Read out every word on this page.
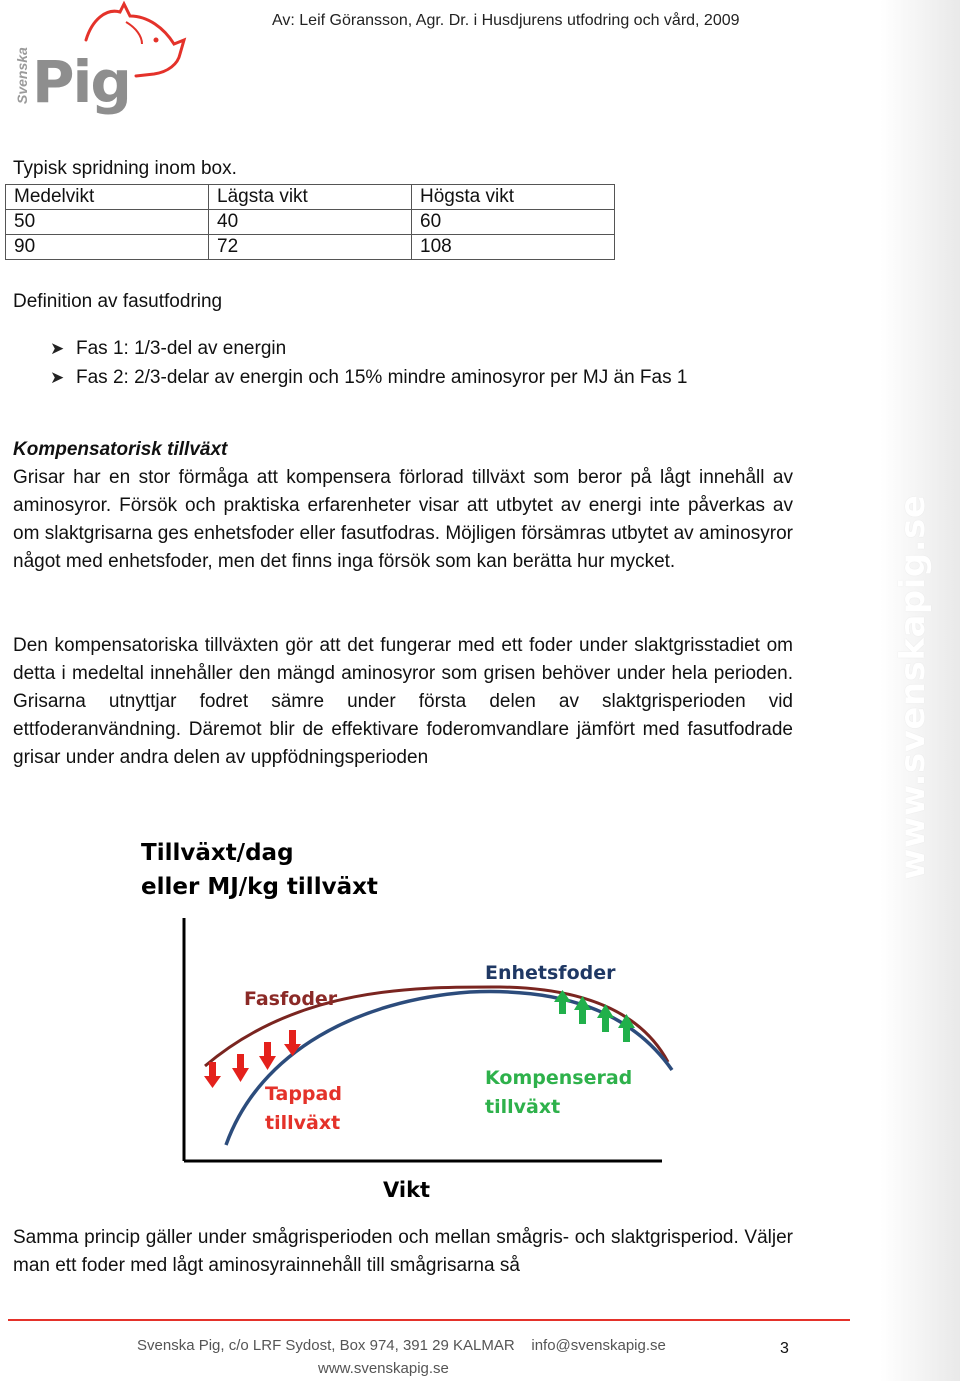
Svenska Pig
Av: Leif Göransson, Agr. Dr. i Husdjurens utfodring och vård, 2009
Typisk spridning inom box.
Medelvikt	Lägsta vikt	Högsta vikt
50	40	60
90	72	108
Definition av fasutfodring
➤ Fas 1: 1/3-del av energin
➤ Fas 2: 2/3-delar av energin och 15% mindre aminosyror per MJ än Fas 1
Kompensatorisk tillväxt
Grisar har en stor förmåga att kompensera förlorad tillväxt som beror på lågt innehåll av aminosyror. Försök och praktiska erfarenheter visar att utbytet av energi inte påverkas av om slaktgrisarna ges enhetsfoder eller fasutfodras. Möjligen försämras utbytet av aminosyror något med enhetsfoder, men det finns inga försök som kan berätta hur mycket.
Den kompensatoriska tillväxten gör att det fungerar med ett foder under slaktgrisstadiet om detta i medeltal innehåller den mängd aminosyror som grisen behöver under hela perioden. Grisarna utnyttjar fodret sämre under första delen av slaktgrisperioden vid ettfoderanvändning. Däremot blir de effektivare foderomvandlare jämfört med fasutfodrade grisar under andra delen av uppfödningsperioden
Tillväxt/dag
eller MJ/kg tillväxt
Fasfoder
Enhetsfoder
Tappad
tillväxt
Kompenserad
tillväxt
Vikt
Samma princip gäller under smågrisperioden och mellan smågris- och slaktgrisperiod. Väljer man ett foder med lågt aminosyrainnehåll till smågrisarna så
Svenska Pig, c/o LRF Sydost, Box 974, 391 29 KALMAR info@svenskapig.se
www.svenskapig.se
3
